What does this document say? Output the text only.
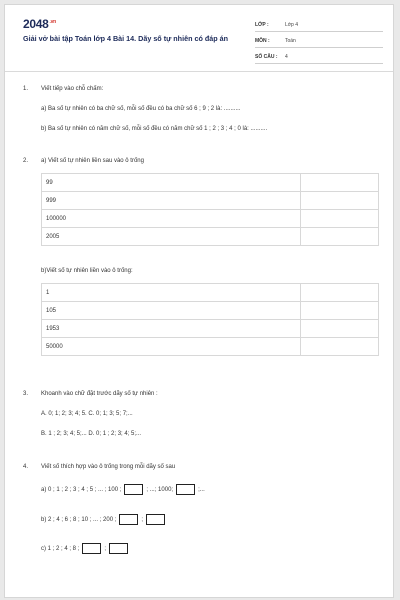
$2048^{.vn}$
Giải vở bài tập Toán lớp 4 Bài 14. Dãy số tự nhiên có đáp án
LỚP :	Lớp 4
MÔN :	Toán
SỐ CÂU : 4
1. Viết tiếp vào chỗ chấm:
a) Ba số tự nhiên có ba chữ số, mỗi số đều có ba chữ số 6 ; 9 ; 2 là: ..........
b) Ba số tự nhiên có năm chữ số, mỗi số đều có năm chữ số 1 ; 2 ; 3 ; 4 ; 0 là: ..........
2. a) Viết số tự nhiên liền sau vào ô trống
99	
999	
100000	
2005	
b)Viết số tự nhiên liền vào ô trống:
1	
105	
1953	
50000	
3. Khoanh vào chữ đặt trước dãy số tự nhiên :
A. 0; 1; 2; 3; 4; 5. C. 0; 1; 3; 5; 7;...
B. 1 ; 2; 3; 4; 5;... D. 0; 1 ; 2; 3; 4; 5;...
4. Viết số thích hợp vào ô trống trong mỗi dãy số sau
a) 0 ; 1 ; 2 ; 3 ; 4 ; 5 ; ... ; 100 ;	; ...; 1000;	;...
b) 2 ; 4 ; 6 ; 8 ; 10 ; ... ; 200 ;	;
c) 1 ; 2 ; 4 ; 8 ;	;
